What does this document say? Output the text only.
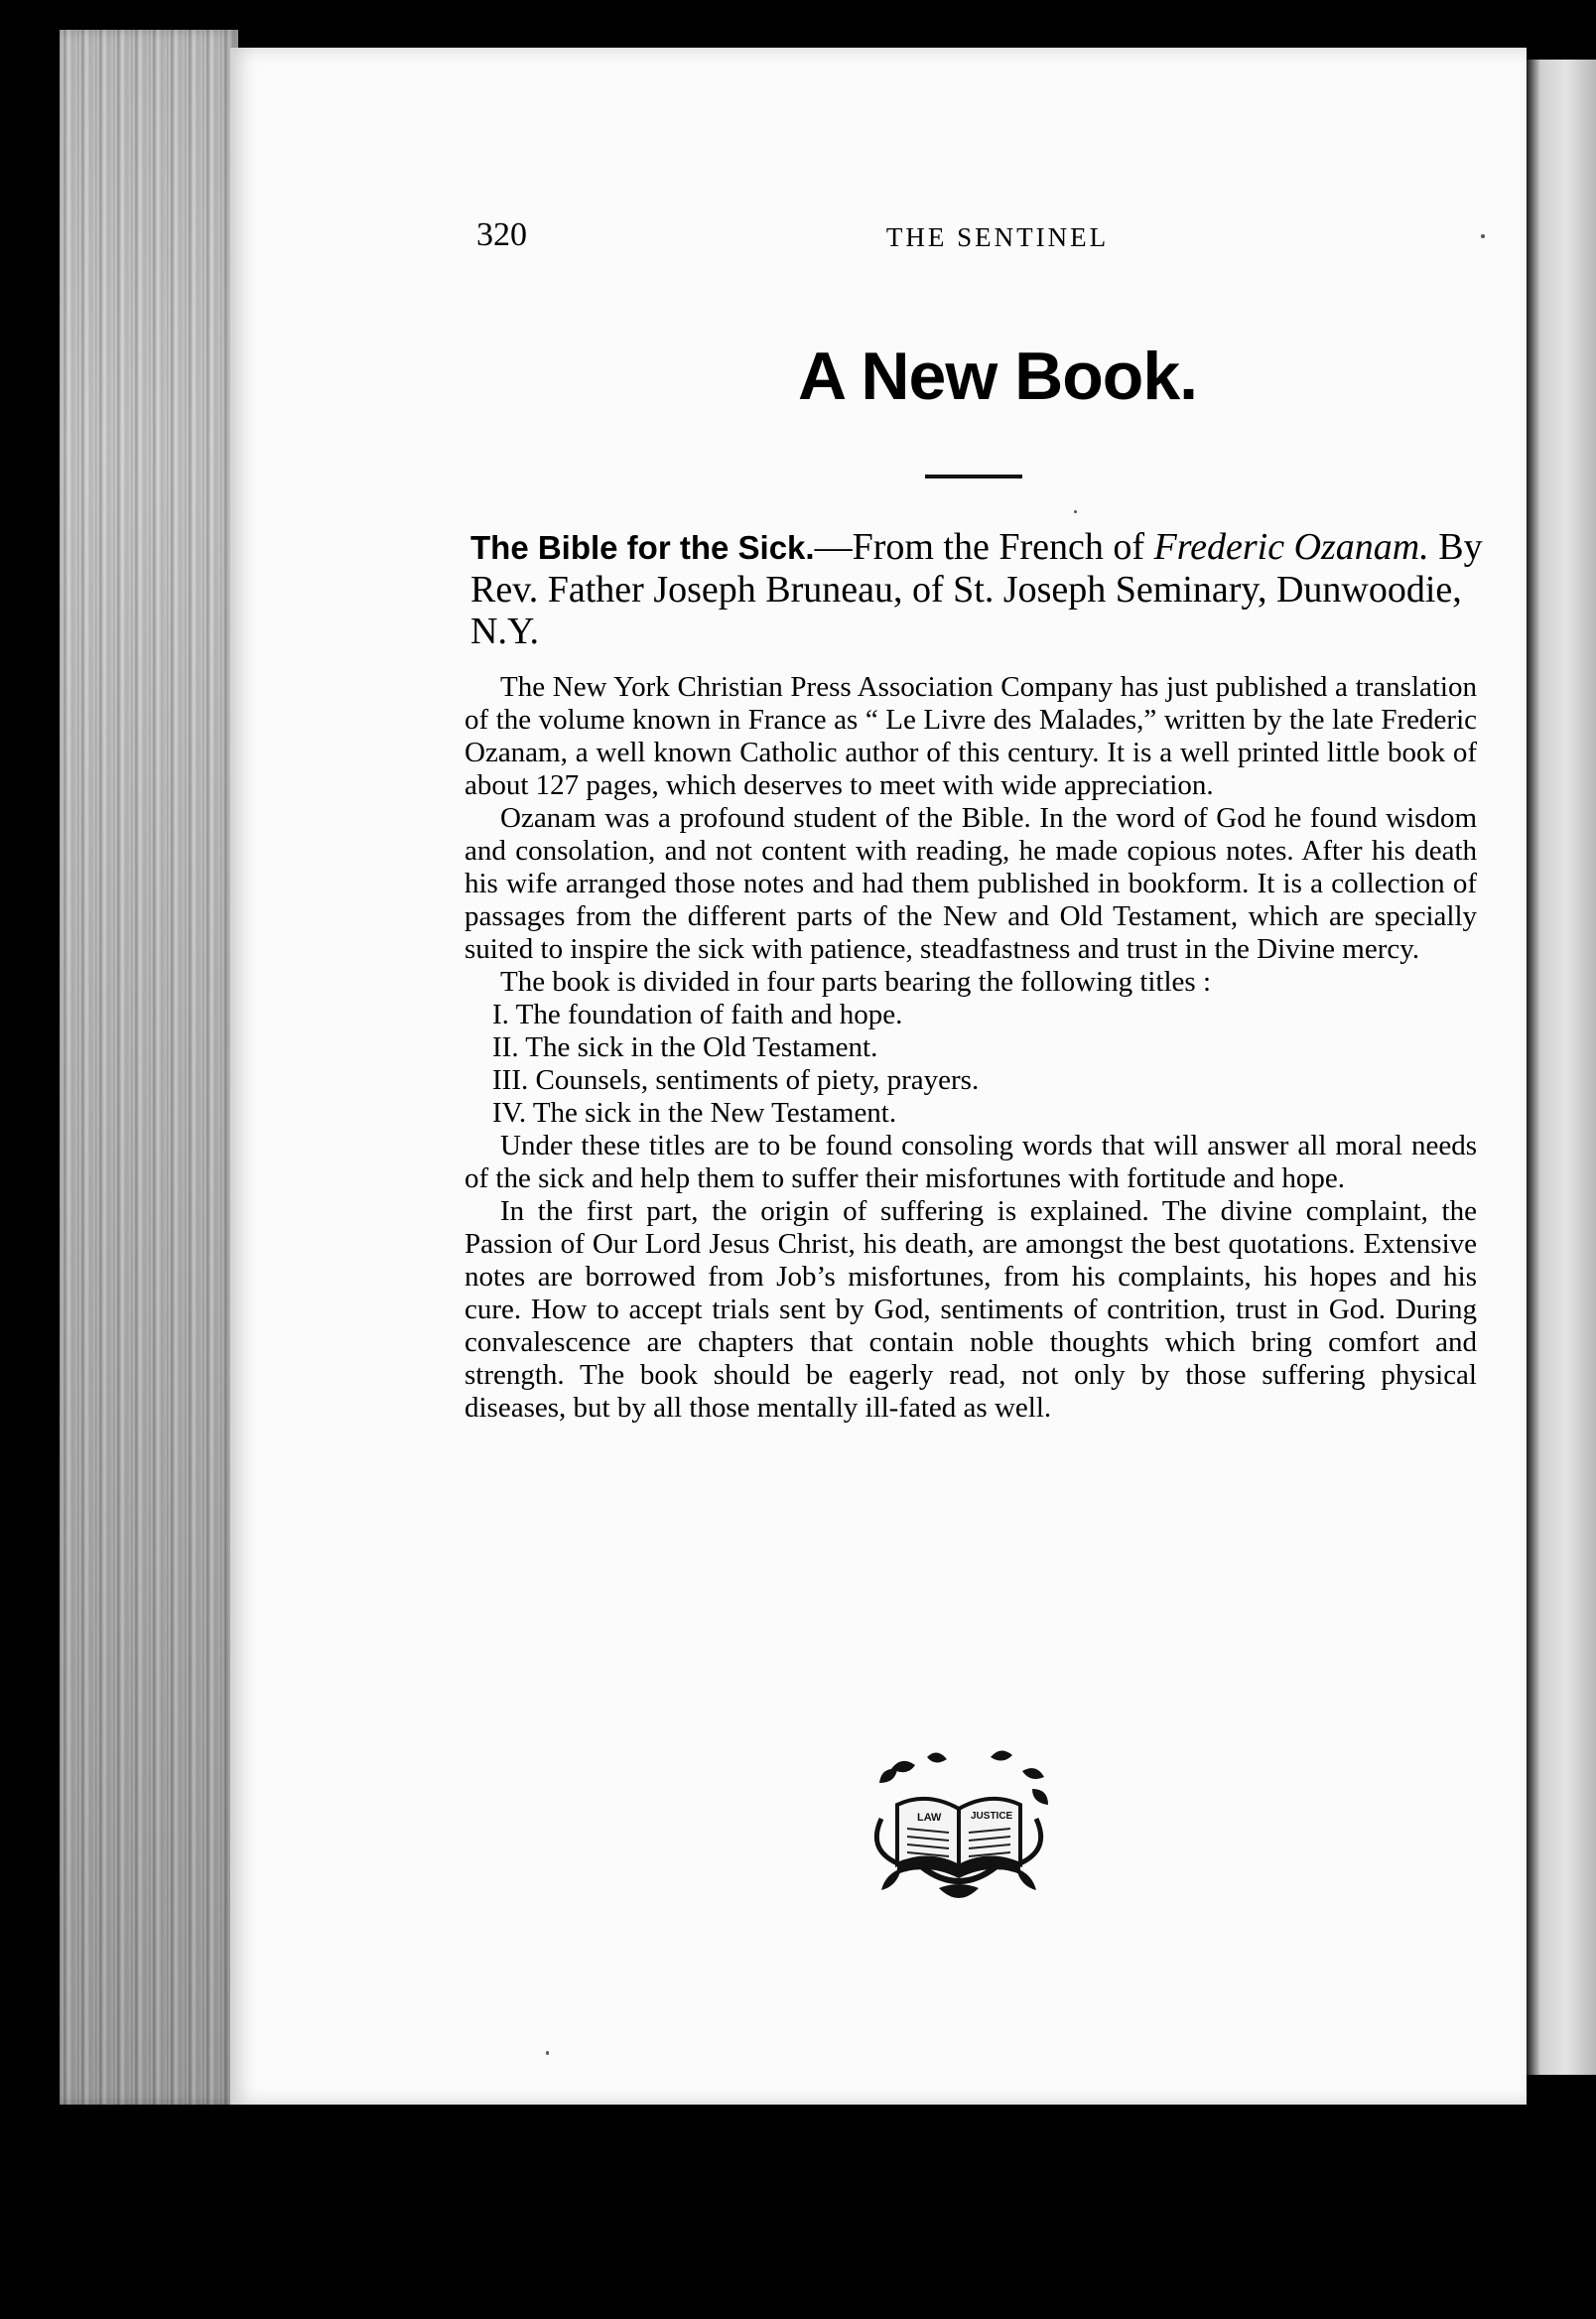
320	THE SENTINEL
A New Book.
The Bible for the Sick.—From the French of Frederic Ozanam. By Rev. Father Joseph Bruneau, of St. Joseph Seminary, Dunwoodie, N.Y.

The New York Christian Press Association Company has just published a translation of the volume known in France as “ Le Livre des Malades,” written by the late Frederic Ozanam, a well known Catholic author of this century. It is a well printed little book of about 127 pages, which deserves to meet with wide appreciation.

Ozanam was a profound student of the Bible. In the word of God he found wisdom and consolation, and not content with reading, he made copious notes. After his death his wife arranged those notes and had them published in bookform. It is a collection of passages from the different parts of the New and Old Testament, which are specially suited to inspire the sick with patience, steadfastness and trust in the Divine mercy.

The book is divided in four parts bearing the following titles :

I. The foundation of faith and hope.
II. The sick in the Old Testament.
III. Counsels, sentiments of piety, prayers.
IV. The sick in the New Testament.

Under these titles are to be found consoling words that will answer all moral needs of the sick and help them to suffer their misfortunes with fortitude and hope.

In the first part, the origin of suffering is explained. The divine complaint, the Passion of Our Lord Jesus Christ, his death, are amongst the best quotations. Extensive notes are borrowed from Job’s misfortunes, from his complaints, his hopes and his cure. How to accept trials sent by God, sentiments of contrition, trust in God. During convalescence are chapters that contain noble thoughts which bring comfort and strength. The book should be eagerly read, not only by those suffering physical diseases, but by all those mentally ill-fated as well.

LAW	JUSTICE
